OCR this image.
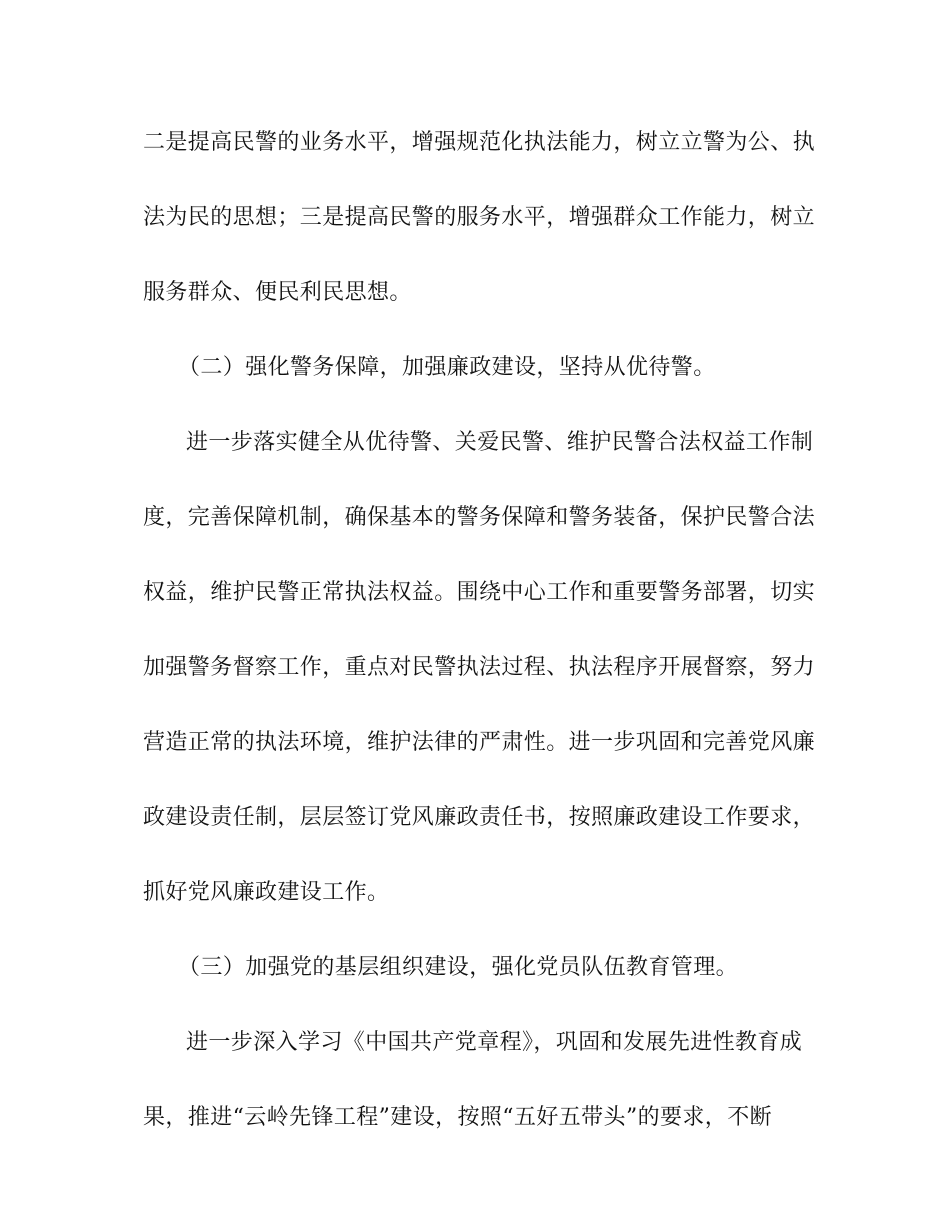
二是提高民警的业务水平，增强规范化执法能力，树立立警为公、执
法为民的思想；三是提高民警的服务水平，增强群众工作能力，树立
服务群众、便民利民思想。
（二）强化警务保障，加强廉政建设，坚持从优待警。
进一步落实健全从优待警、关爱民警、维护民警合法权益工作制
度，完善保障机制，确保基本的警务保障和警务装备，保护民警合法
权益，维护民警正常执法权益。围绕中心工作和重要警务部署，切实
加强警务督察工作，重点对民警执法过程、执法程序开展督察，努力
营造正常的执法环境，维护法律的严肃性。进一步巩固和完善党风廉
政建设责任制，层层签订党风廉政责任书，按照廉政建设工作要求，
抓好党风廉政建设工作。
（三）加强党的基层组织建设，强化党员队伍教育管理。
进一步深入学习《中国共产党章程》，巩固和发展先进性教育成
果，推进“云岭先锋工程”建设，按照“五好五带头”的要求，不断
